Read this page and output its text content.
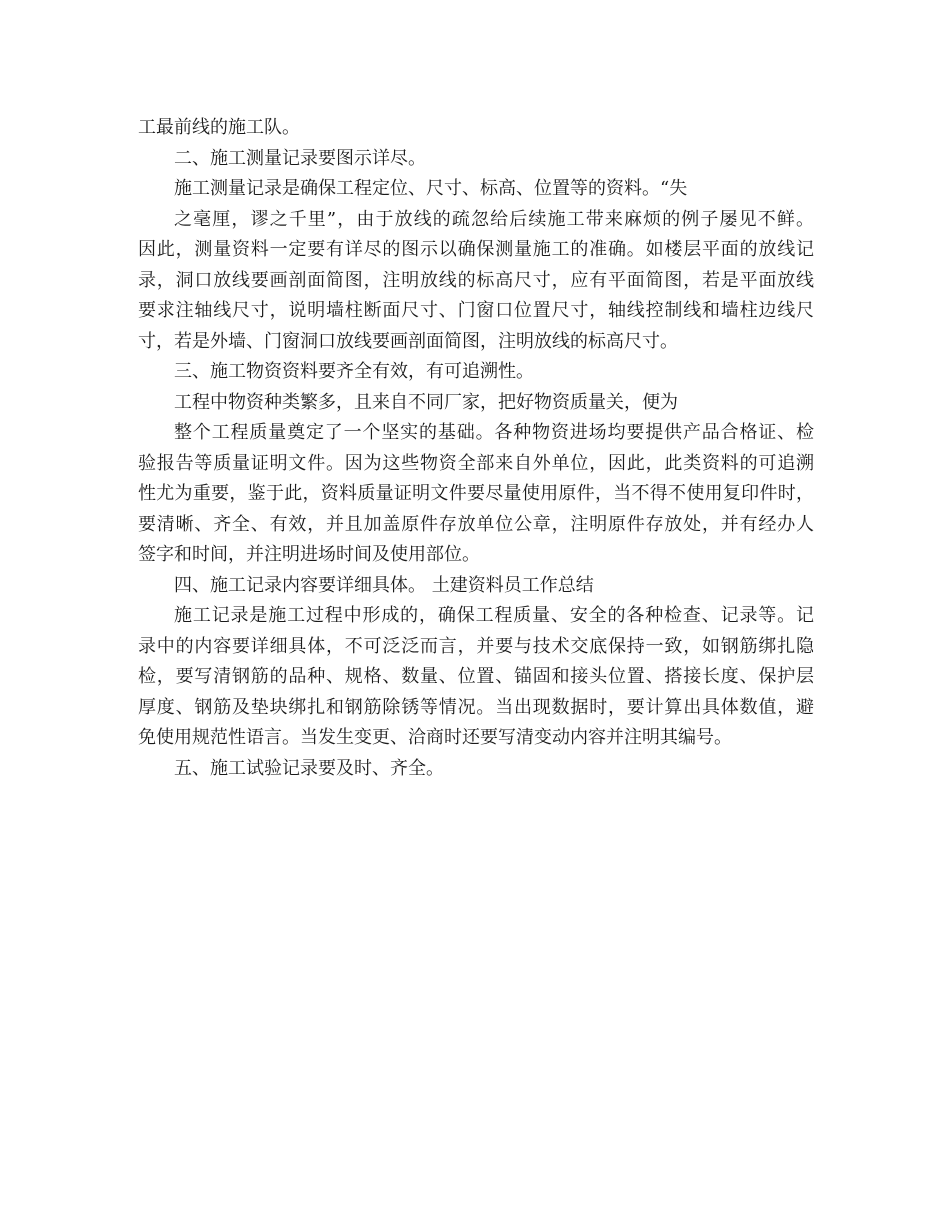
工最前线的施工队。
二、施工测量记录要图示详尽。
施工测量记录是确保工程定位、尺寸、标高、位置等的资料。“失
之毫厘，谬之千里”，由于放线的疏忽给后续施工带来麻烦的例子屡见不鲜。
因此，测量资料一定要有详尽的图示以确保测量施工的准确。如楼层平面的放线记
录，洞口放线要画剖面简图，注明放线的标高尺寸，应有平面简图，若是平面放线
要求注轴线尺寸，说明墙柱断面尺寸、门窗口位置尺寸，轴线控制线和墙柱边线尺
寸，若是外墙、门窗洞口放线要画剖面简图，注明放线的标高尺寸。
三、施工物资资料要齐全有效，有可追溯性。
工程中物资种类繁多，且来自不同厂家，把好物资质量关，便为
整个工程质量奠定了一个坚实的基础。各种物资进场均要提供产品合格证、检
验报告等质量证明文件。因为这些物资全部来自外单位，因此，此类资料的可追溯
性尤为重要，鉴于此，资料质量证明文件要尽量使用原件，当不得不使用复印件时，
要清晰、齐全、有效，并且加盖原件存放单位公章，注明原件存放处，并有经办人
签字和时间，并注明进场时间及使用部位。
四、施工记录内容要详细具体。 土建资料员工作总结
施工记录是施工过程中形成的，确保工程质量、安全的各种检查、记录等。记
录中的内容要详细具体，不可泛泛而言，并要与技术交底保持一致，如钢筋绑扎隐
检，要写清钢筋的品种、规格、数量、位置、锚固和接头位置、搭接长度、保护层
厚度、钢筋及垫块绑扎和钢筋除锈等情况。当出现数据时，要计算出具体数值，避
免使用规范性语言。当发生变更、洽商时还要写清变动内容并注明其编号。
五、施工试验记录要及时、齐全。
